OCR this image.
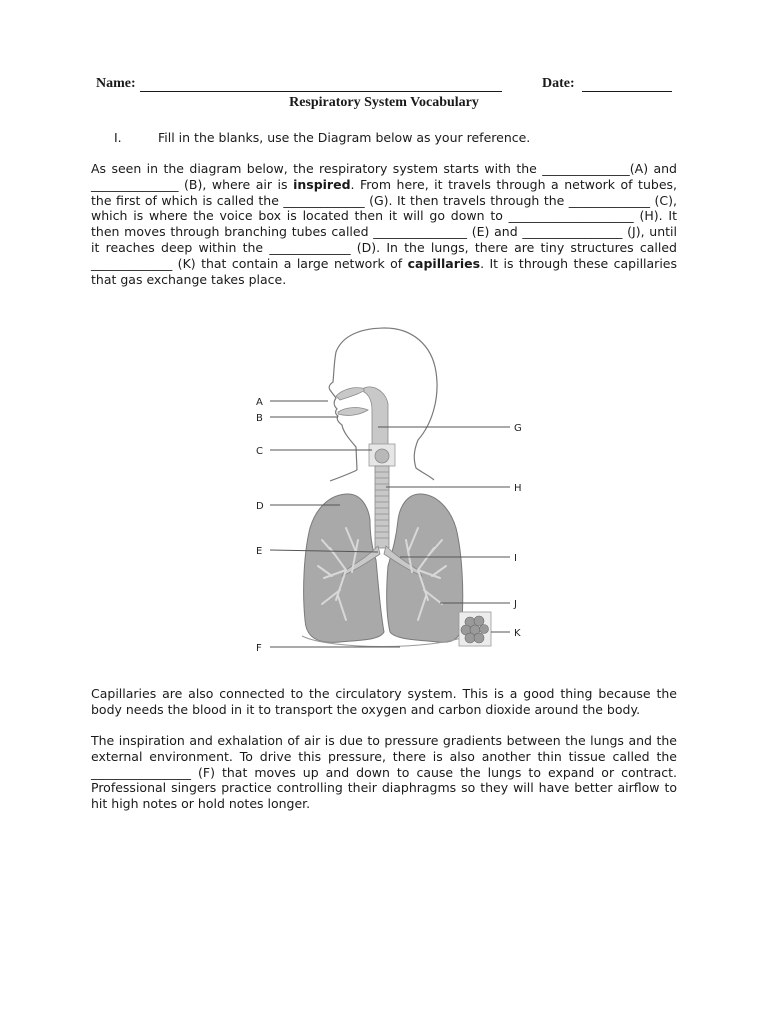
Name:	Date:
Respiratory System Vocabulary
I.	Fill in the blanks, use the Diagram below as your reference.

As seen in the diagram below, the respiratory system starts with the ______________(A) and ______________ (B), where air is inspired. From here, it travels through a network of tubes, the first of which is called the _____________ (G). It then travels through the _____________ (C), which is where the voice box is located then it will go down to ____________________ (H). It then moves through branching tubes called _______________ (E) and ________________ (J), until it reaches deep within the _____________ (D). In the lungs, there are tiny structures called _____________ (K) that contain a large network of capillaries. It is through these capillaries that gas exchange takes place.

A
B
C
D
E
F
G
H
I
J
K

Capillaries are also connected to the circulatory system. This is a good thing because the body needs the blood in it to transport the oxygen and carbon dioxide around the body.

The inspiration and exhalation of air is due to pressure gradients between the lungs and the external environment. To drive this pressure, there is also another thin tissue called the ________________ (F) that moves up and down to cause the lungs to expand or contract. Professional singers practice controlling their diaphragms so they will have better airflow to hit high notes or hold notes longer.
